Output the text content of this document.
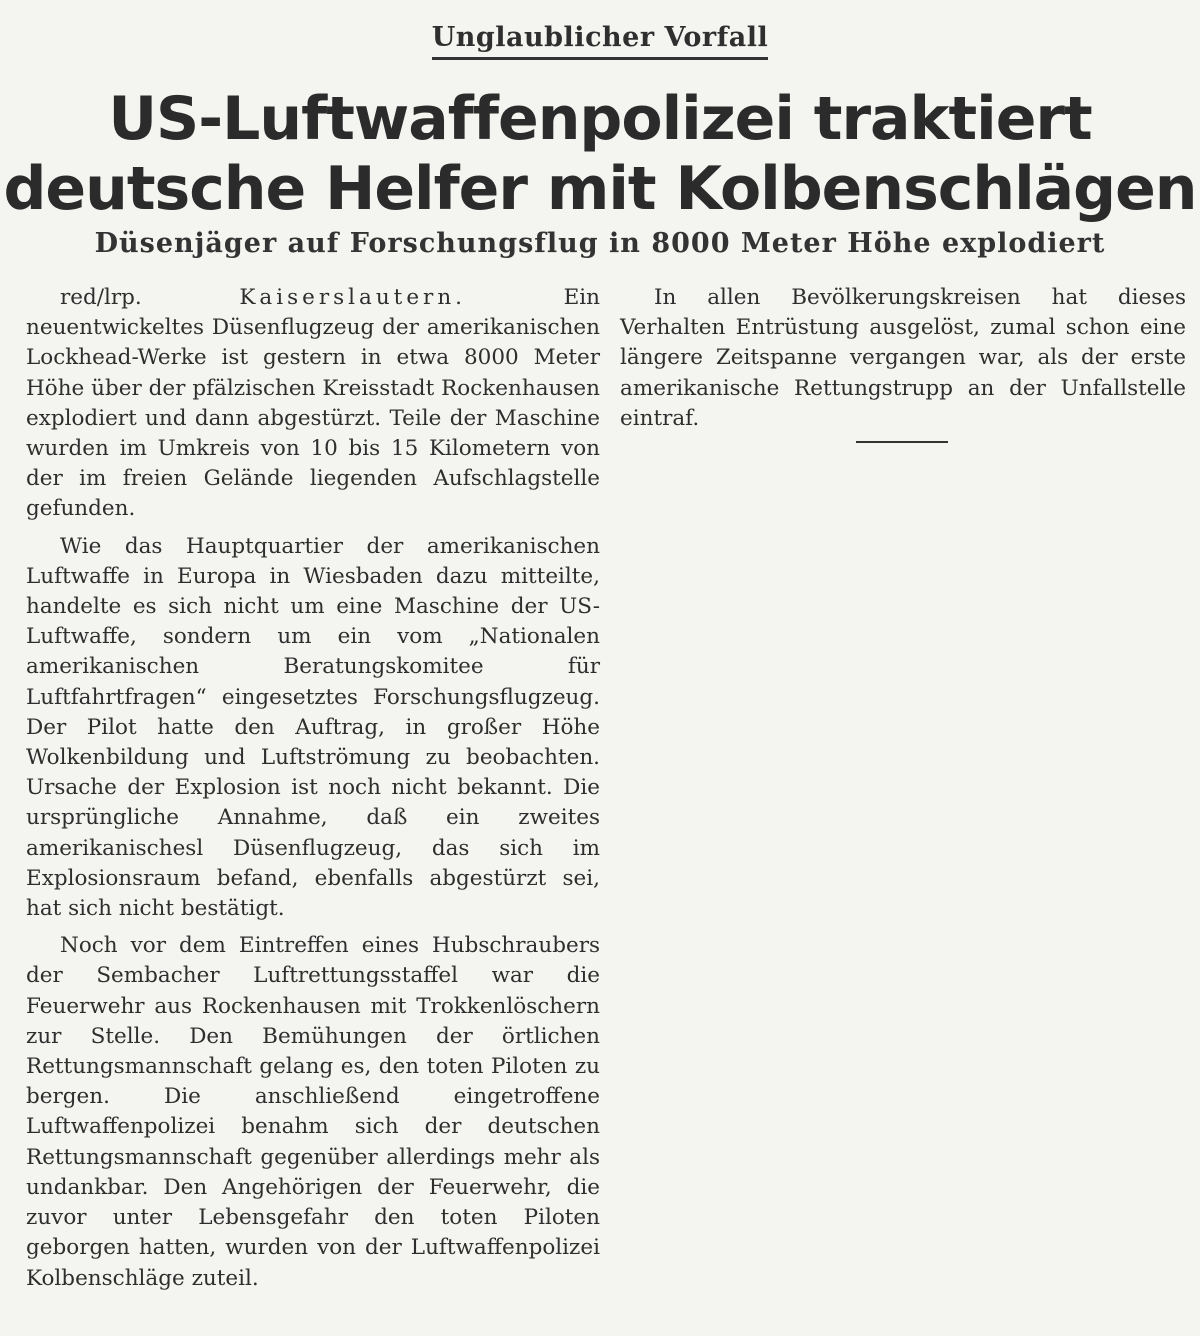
Unglaublicher Vorfall
US-Luftwaffenpolizei traktiert
deutsche Helfer mit Kolbenschlägen
Düsenjäger auf Forschungsflug in 8000 Meter Höhe explodiert

red/lrp.	Kaiserslautern.	Ein neuentwickeltes Düsenflugzeug der amerikanischen Lockhead-Werke ist gestern in etwa 8000 Meter Höhe über der pfälzischen Kreisstadt Rockenhausen explodiert und dann abgestürzt. Teile der Maschine wurden im Umkreis von 10 bis 15 Kilometern von der im freien Gelände liegenden Aufschlagstelle gefunden.

Wie das Hauptquartier der amerikanischen Luftwaffe in Europa in Wiesbaden dazu mitteilte, handelte es sich nicht um eine Maschine der US-Luftwaffe, sondern um ein vom „Nationalen amerikanischen Beratungskomitee für Luftfahrtfragen“ eingesetztes Forschungsflugzeug. Der Pilot hatte den Auftrag, in großer Höhe Wolkenbildung und Luftströmung zu beobachten. Ursache der Explosion ist noch nicht bekannt. Die ursprüngliche Annahme, daß ein zweites amerikanischesl Düsenflugzeug, das sich im Explosionsraum befand, ebenfalls abgestürzt sei, hat sich nicht bestätigt.

Noch vor dem Eintreffen eines Hubschraubers der Sembacher Luftrettungsstaffel war die Feuerwehr aus Rockenhausen mit Trokkenlöschern zur Stelle. Den Bemühungen der örtlichen Rettungsmannschaft gelang es, den toten Piloten zu bergen. Die anschließend eingetroffene Luftwaffenpolizei benahm sich der deutschen Rettungsmannschaft gegenüber allerdings mehr als undankbar. Den Angehörigen der Feuerwehr, die zuvor unter Lebensgefahr den toten Piloten geborgen hatten, wurden von der Luftwaffenpolizei Kolbenschläge zuteil.

In allen Bevölkerungskreisen hat dieses Verhalten Entrüstung ausgelöst, zumal schon eine längere Zeitspanne vergangen war, als der erste amerikanische Rettungstrupp an der Unfallstelle eintraf.
